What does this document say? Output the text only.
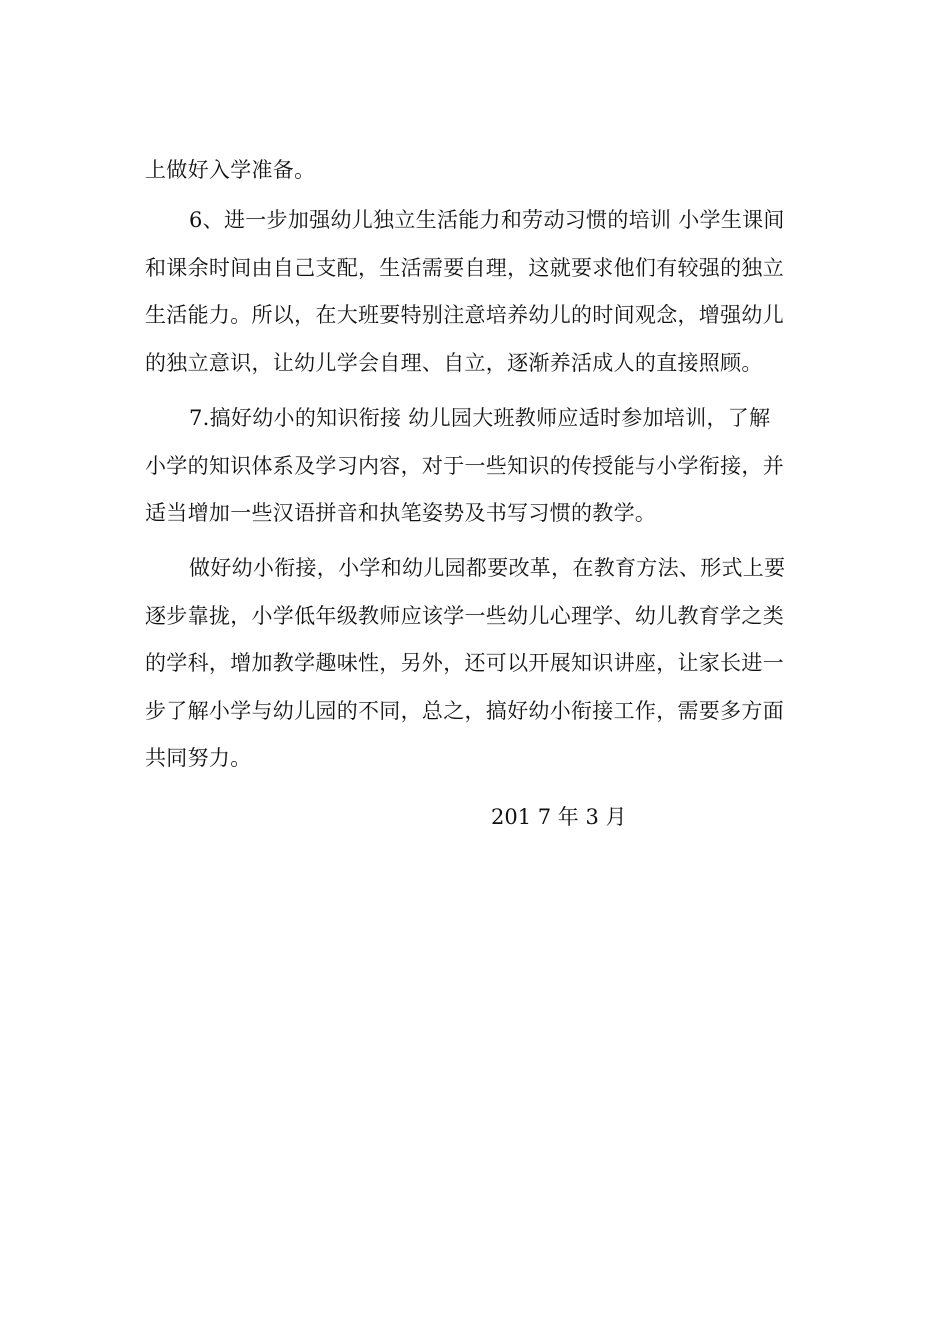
上做好入学准备。
6、进一步加强幼儿独立生活能力和劳动习惯的培训 小学生课间
和课余时间由自己支配，生活需要自理，这就要求他们有较强的独立
生活能力。所以，在大班要特别注意培养幼儿的时间观念，增强幼儿
的独立意识，让幼儿学会自理、自立，逐渐养活成人的直接照顾。
7.搞好幼小的知识衔接 幼儿园大班教师应适时参加培训，了解
小学的知识体系及学习内容，对于一些知识的传授能与小学衔接，并
适当增加一些汉语拼音和执笔姿势及书写习惯的教学。
做好幼小衔接，小学和幼儿园都要改革，在教育方法、形式上要
逐步靠拢，小学低年级教师应该学一些幼儿心理学、幼儿教育学之类
的学科，增加教学趣味性，另外，还可以开展知识讲座，让家长进一
步了解小学与幼儿园的不同，总之，搞好幼小衔接工作，需要多方面
共同努力。
201 7 年 3 月
